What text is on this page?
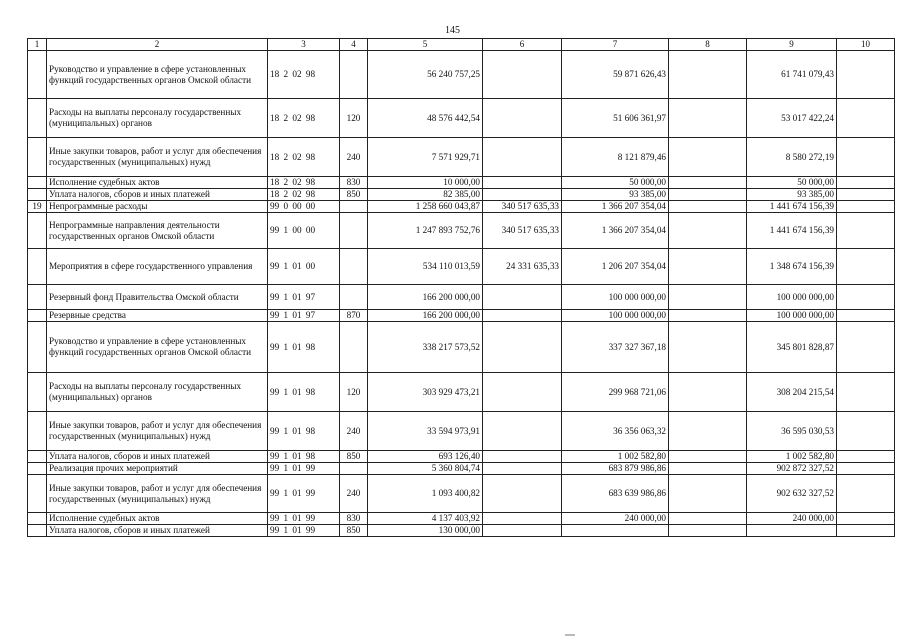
145
1	2	3	4	5	6	7	8	9	10
	Руководство и управление в сфере установленных функций государственных органов Омской области	18 2 02 98		56 240 757,25		59 871 626,43		61 741 079,43	
	Расходы на выплаты персоналу государственных (муниципальных) органов	18 2 02 98	120	48 576 442,54		51 606 361,97		53 017 422,24	
	Иные закупки товаров, работ и услуг для обеспечения государственных (муниципальных) нужд	18 2 02 98	240	7 571 929,71		8 121 879,46		8 580 272,19	
	Исполнение судебных актов	18 2 02 98	830	10 000,00		50 000,00		50 000,00	
	Уплата налогов, сборов и иных платежей	18 2 02 98	850	82 385,00		93 385,00		93 385,00	
19	Непрограммные расходы	99 0 00 00		1 258 660 043,87	340 517 635,33	1 366 207 354,04		1 441 674 156,39	
	Непрограммные направления деятельности государственных органов Омской области	99 1 00 00		1 247 893 752,76	340 517 635,33	1 366 207 354,04		1 441 674 156,39	
	Мероприятия в сфере государственного управления	99 1 01 00		534 110 013,59	24 331 635,33	1 206 207 354,04		1 348 674 156,39	
	Резервный фонд Правительства Омской области	99 1 01 97		166 200 000,00		100 000 000,00		100 000 000,00	
	Резервные средства	99 1 01 97	870	166 200 000,00		100 000 000,00		100 000 000,00	
	Руководство и управление в сфере установленных функций государственных органов Омской области	99 1 01 98		338 217 573,52		337 327 367,18		345 801 828,87	
	Расходы на выплаты персоналу государственных (муниципальных) органов	99 1 01 98	120	303 929 473,21		299 968 721,06		308 204 215,54	
	Иные закупки товаров, работ и услуг для обеспечения государственных (муниципальных) нужд	99 1 01 98	240	33 594 973,91		36 356 063,32		36 595 030,53	
	Уплата налогов, сборов и иных платежей	99 1 01 98	850	693 126,40		1 002 582,80		1 002 582,80	
	Реализация прочих мероприятий	99 1 01 99		5 360 804,74		683 879 986,86		902 872 327,52	
	Иные закупки товаров, работ и услуг для обеспечения государственных (муниципальных) нужд	99 1 01 99	240	1 093 400,82		683 639 986,86		902 632 327,52	
	Исполнение судебных актов	99 1 01 99	830	4 137 403,92		240 000,00		240 000,00	
	Уплата налогов, сборов и иных платежей	99 1 01 99	850	130 000,00					
